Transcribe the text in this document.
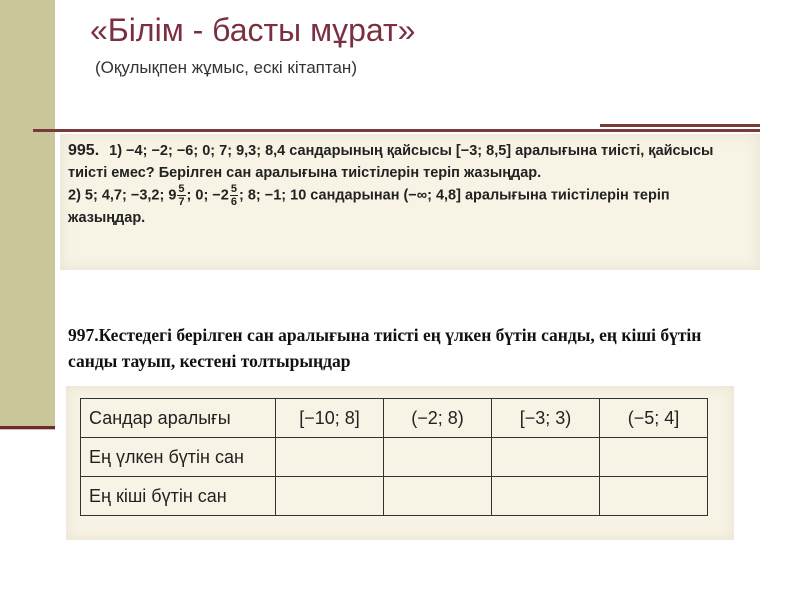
«Білім - басты мұрат»
(Оқулықпен жұмыс, ескі кітаптан)
995. 1) −4; −2; −6; 0; 7; 9,3; 8,4 сандарының қайсысы [−3; 8,5] аралығына тиісті, қайсысы тиісті емес? Берілген сан аралығына тиістілерін теріп жазыңдар.
2) 5; 4,7; −3,2; $9 \frac{5}{7}$ ; 0; $-2 \frac{5}{6}$ ; 8; −1; 10 сандарынан (−∞; 4,8] аралығына тиістілерін теріп жазыңдар.
997.Кестедегі берілген сан аралығына тиісті ең үлкен бүтін санды, ең кіші бүтін санды тауып, кестені толтырыңдар
Сандар аралығы	[−10; 8]	(−2; 8)	[−3; 3)	(−5; 4]
Ең үлкен бүтін сан				
Ең кіші бүтін сан				
